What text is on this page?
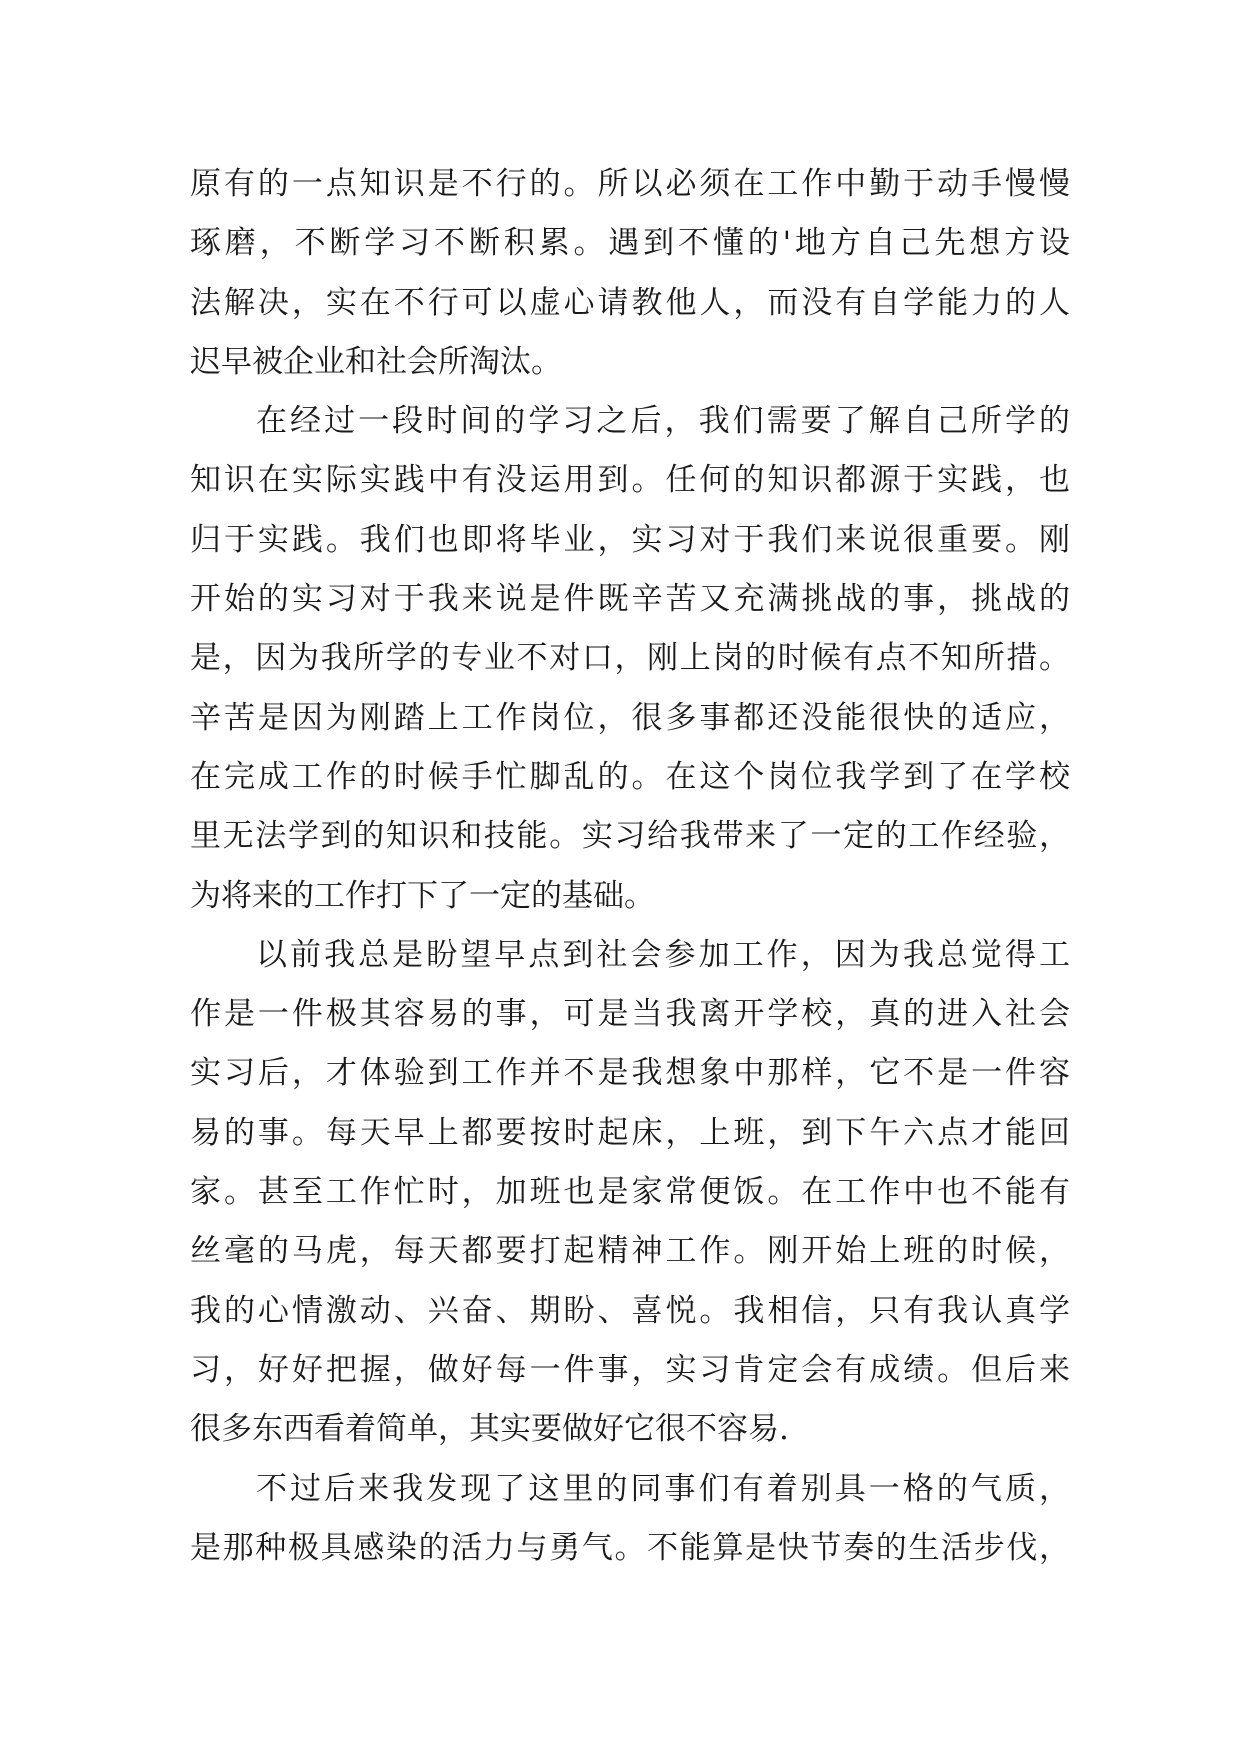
原有的一点知识是不行的。所以必须在工作中勤于动手慢慢
琢磨，不断学习不断积累。遇到不懂的'地方自己先想方设
法解决，实在不行可以虚心请教他人，而没有自学能力的人
迟早被企业和社会所淘汰。
在经过一段时间的学习之后，我们需要了解自己所学的
知识在实际实践中有没运用到。任何的知识都源于实践，也
归于实践。我们也即将毕业，实习对于我们来说很重要。刚
开始的实习对于我来说是件既辛苦又充满挑战的事，挑战的
是，因为我所学的专业不对口，刚上岗的时候有点不知所措。
辛苦是因为刚踏上工作岗位，很多事都还没能很快的适应，
在完成工作的时候手忙脚乱的。在这个岗位我学到了在学校
里无法学到的知识和技能。实习给我带来了一定的工作经验，
为将来的工作打下了一定的基础。
以前我总是盼望早点到社会参加工作，因为我总觉得工
作是一件极其容易的事，可是当我离开学校，真的进入社会
实习后，才体验到工作并不是我想象中那样，它不是一件容
易的事。每天早上都要按时起床，上班，到下午六点才能回
家。甚至工作忙时，加班也是家常便饭。在工作中也不能有
丝毫的马虎，每天都要打起精神工作。刚开始上班的时候，
我的心情激动、兴奋、期盼、喜悦。我相信，只有我认真学
习，好好把握，做好每一件事，实习肯定会有成绩。但后来
很多东西看着简单，其实要做好它很不容易.
不过后来我发现了这里的同事们有着别具一格的气质，
是那种极具感染的活力与勇气。不能算是快节奏的生活步伐，
